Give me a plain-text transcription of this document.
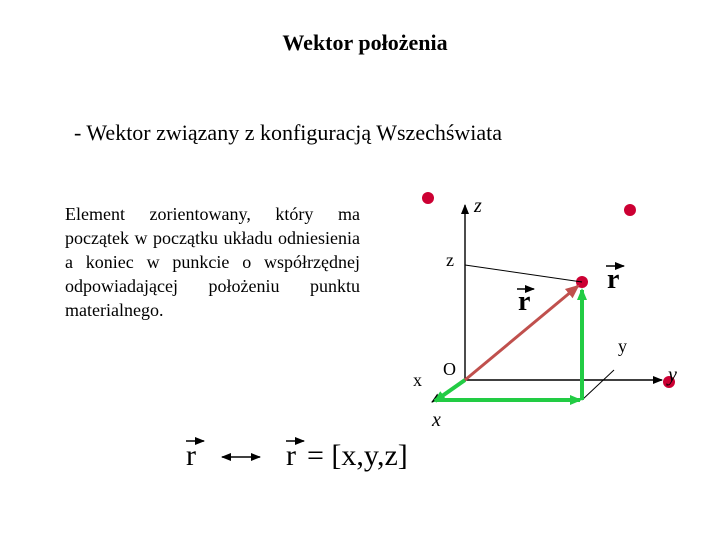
Wektor położenia
- Wektor związany z konfiguracją Wszechświata
Element zorientowany, który ma początek w początku układu odniesienia a koniec w punkcie o współrzędnej odpowiadającej położeniu punktu materialnego.
z
z
y
y
x
x
O
r
r
r	r = [x,y,z]
